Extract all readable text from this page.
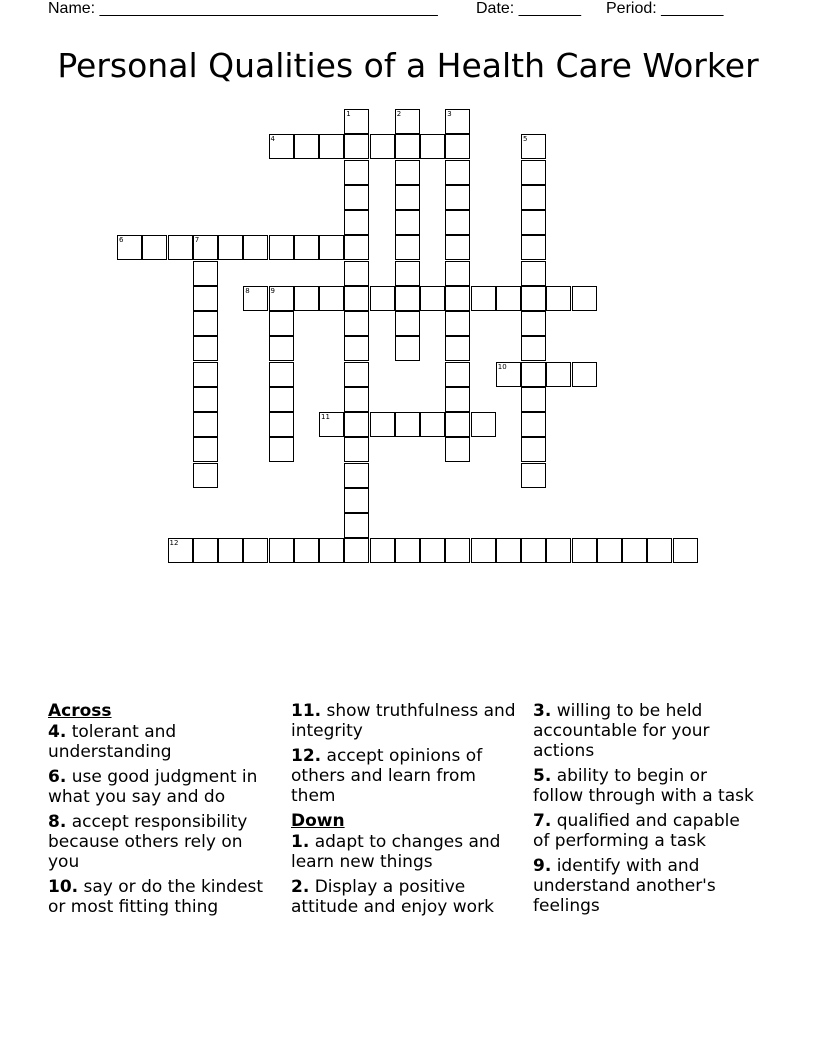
Name: ______________________________________ Date: _______ Period: _______
Personal Qualities of a Health Care Worker
1	2	3
4	5
6	7
8	9
10
11
12
Across
4. tolerant and understanding
6. use good judgment in what you say and do
8. accept responsibility because others rely on you
10. say or do the kindest or most fitting thing
11. show truthfulness and integrity
12. accept opinions of others and learn from them
Down
1. adapt to changes and learn new things
2. Display a positive attitude and enjoy work
3. willing to be held accountable for your actions
5. ability to begin or follow through with a task
7. qualified and capable of performing a task
9. identify with and understand another's feelings
